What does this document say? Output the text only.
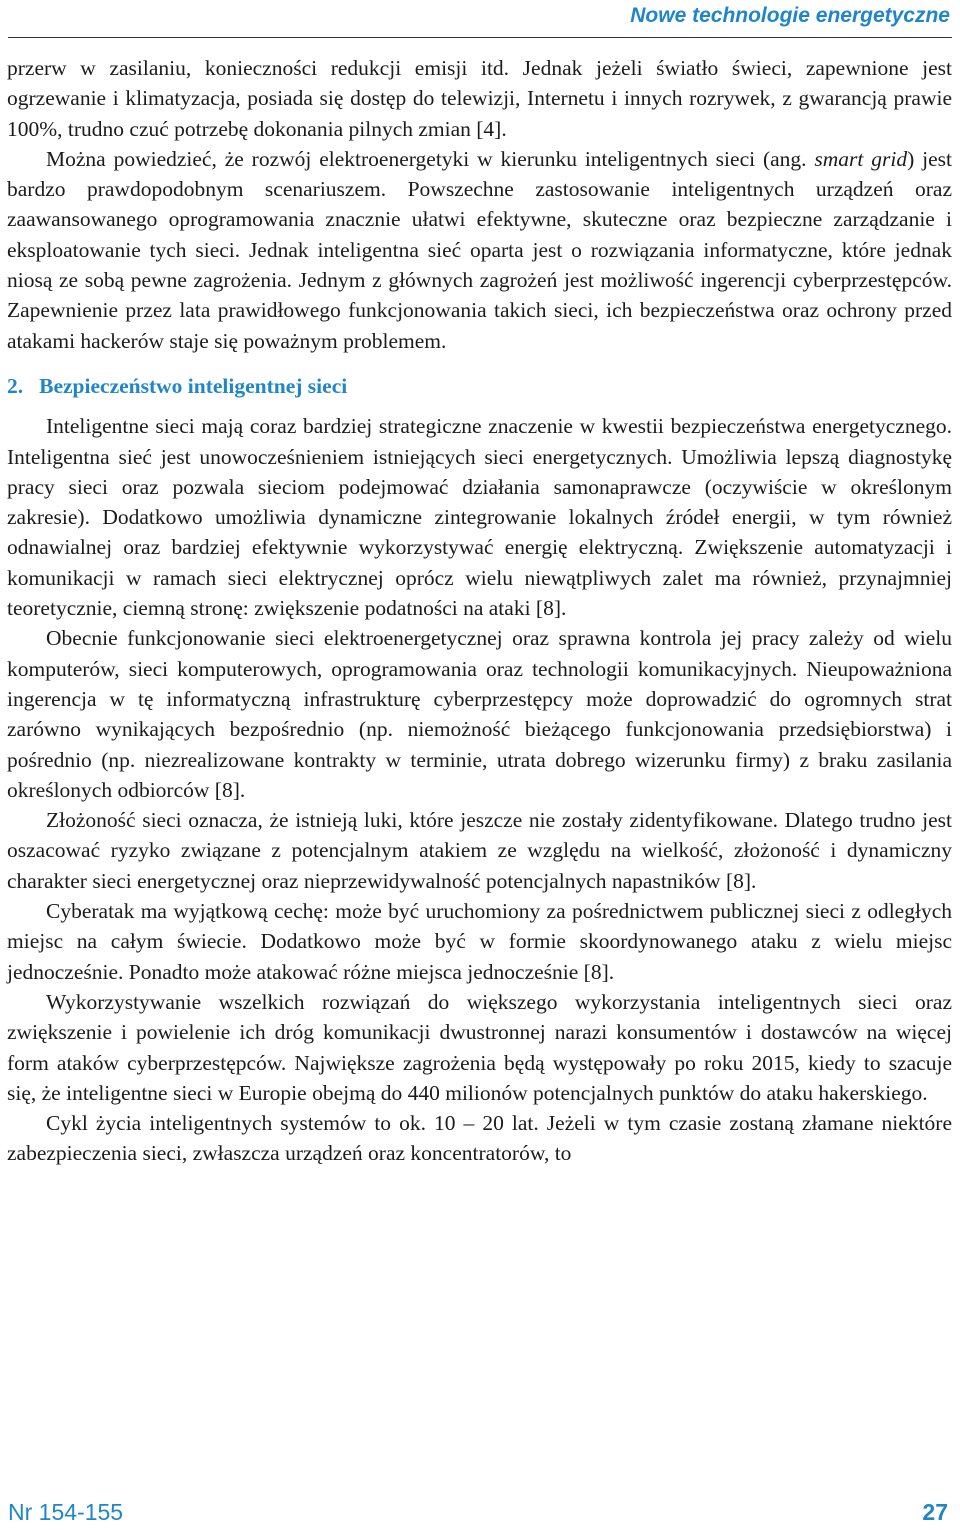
Nowe technologie energetyczne

przerw w zasilaniu, konieczności redukcji emisji itd. Jednak jeżeli światło świeci, zapewnione jest ogrzewanie i klimatyzacja, posiada się dostęp do telewizji, Internetu i innych rozrywek, z gwarancją prawie 100%, trudno czuć potrzebę dokonania pilnych zmian [4].

Można powiedzieć, że rozwój elektroenergetyki w kierunku inteligentnych sieci (ang. smart grid) jest bardzo prawdopodobnym scenariuszem. Powszechne zastosowanie inteligentnych urządzeń oraz zaawansowanego oprogramowania znacznie ułatwi efektywne, skuteczne oraz bezpieczne zarządzanie i eksploatowanie tych sieci. Jednak inteligentna sieć oparta jest o rozwiązania informatyczne, które jednak niosą ze sobą pewne zagrożenia. Jednym z głównych zagrożeń jest możliwość ingerencji cyberprzestępców. Zapewnienie przez lata prawidłowego funkcjonowania takich sieci, ich bezpieczeństwa oraz ochrony przed atakami hackerów staje się poważnym problemem.

2. Bezpieczeństwo inteligentnej sieci

Inteligentne sieci mają coraz bardziej strategiczne znaczenie w kwestii bezpieczeństwa energetycznego. Inteligentna sieć jest unowocześnieniem istniejących sieci energetycznych. Umożliwia lepszą diagnostykę pracy sieci oraz pozwala sieciom podejmować działania samonaprawcze (oczywiście w określonym zakresie). Dodatkowo umożliwia dynamiczne zintegrowanie lokalnych źródeł energii, w tym również odnawialnej oraz bardziej efektywnie wykorzystywać energię elektryczną. Zwiększenie automatyzacji i komunikacji w ramach sieci elektrycznej oprócz wielu niewątpliwych zalet ma również, przynajmniej teoretycznie, ciemną stronę: zwiększenie podatności na ataki [8].

Obecnie funkcjonowanie sieci elektroenergetycznej oraz sprawna kontrola jej pracy zależy od wielu komputerów, sieci komputerowych, oprogramowania oraz technologii komunikacyjnych. Nieupoważniona ingerencja w tę informatyczną infrastrukturę cyberprzestępcy może doprowadzić do ogromnych strat zarówno wynikających bezpośrednio (np. niemożność bieżącego funkcjonowania przedsiębiorstwa) i pośrednio (np. niezrealizowane kontrakty w terminie, utrata dobrego wizerunku firmy) z braku zasilania określonych odbiorców [8].

Złożoność sieci oznacza, że istnieją luki, które jeszcze nie zostały zidentyfikowane. Dlatego trudno jest oszacować ryzyko związane z potencjalnym atakiem ze względu na wielkość, złożoność i dynamiczny charakter sieci energetycznej oraz nieprzewidywalność potencjalnych napastników [8].

Cyberatak ma wyjątkową cechę: może być uruchomiony za pośrednictwem publicznej sieci z odległych miejsc na całym świecie. Dodatkowo może być w formie skoordynowanego ataku z wielu miejsc jednocześnie. Ponadto może atakować różne miejsca jednocześnie [8].

Wykorzystywanie wszelkich rozwiązań do większego wykorzystania inteligentnych sieci oraz zwiększenie i powielenie ich dróg komunikacji dwustronnej narazi konsumentów i dostawców na więcej form ataków cyberprzestępców. Największe zagrożenia będą występowały po roku 2015, kiedy to szacuje się, że inteligentne sieci w Europie obejmą do 440 milionów potencjalnych punktów do ataku hakerskiego.

Cykl życia inteligentnych systemów to ok. 10 – 20 lat. Jeżeli w tym czasie zostaną złamane niektóre zabezpieczenia sieci, zwłaszcza urządzeń oraz koncentratorów, to

Nr 154-155	27
